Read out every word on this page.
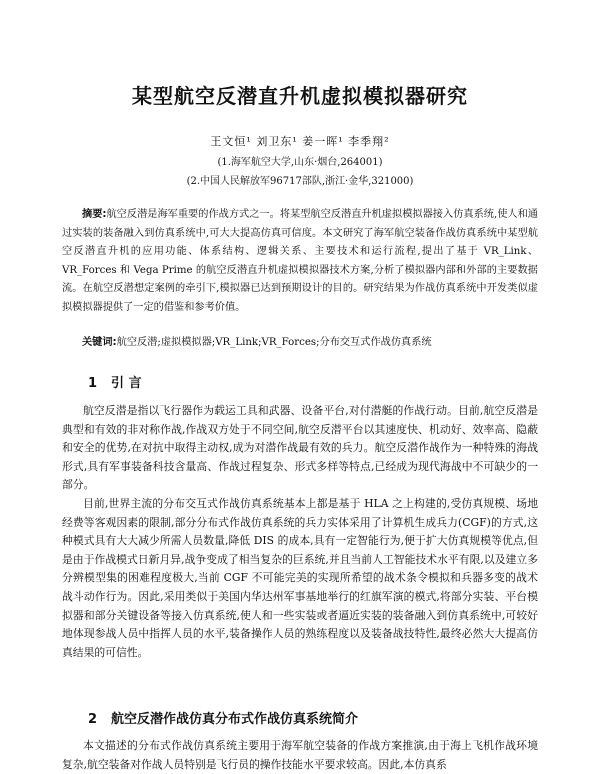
某型航空反潜直升机虚拟模拟器研究
王文恒¹ 刘卫东¹ 姜一晖¹ 李季翔²
(1.海军航空大学,山东·烟台,264001)
(2.中国人民解放军96717部队,浙江·金华,321000)
摘要:航空反潜是海军重要的作战方式之一。将某型航空反潜直升机虚拟模拟器接入仿真系统,使人和通过实装的装备融入到仿真系统中,可大大提高仿真可信度。本文研究了海军航空装备作战仿真系统中某型航空反潜直升机的应用功能、体系结构、逻辑关系、主要技术和运行流程,提出了基于 VR_Link、VR_Forces 和 Vega Prime 的航空反潜直升机虚拟模拟器技术方案,分析了模拟器内部和外部的主要数据流。在航空反潜想定案例的牵引下,模拟器已达到预期设计的目的。研究结果为作战仿真系统中开发类似虚拟模拟器提供了一定的借鉴和参考价值。
关键词:航空反潜;虚拟模拟器;VR_Link;VR_Forces;分布交互式作战仿真系统
1 引 言

航空反潜是指以飞行器作为载运工具和武器、设备平台,对付潜艇的作战行动。目前,航空反潜是典型和有效的非对称作战,作战双方处于不同空间,航空反潜平台以其速度快、机动好、效率高、隐蔽和安全的优势,在对抗中取得主动权,成为对潜作战最有效的兵力。航空反潜作战作为一种特殊的海战形式,具有军事装备科技含量高、作战过程复杂、形式多样等特点,已经成为现代海战中不可缺少的一部分。

目前,世界主流的分布交互式作战仿真系统基本上都是基于 HLA 之上构建的,受仿真规模、场地经费等客观因素的限制,部分分布式作战仿真系统的兵力实体采用了计算机生成兵力(CGF)的方式,这种模式具有大大减少所需人员数量,降低 DIS 的成本,具有一定智能行为,便于扩大仿真规模等优点,但是由于作战模式日新月异,战争变成了相当复杂的巨系统,并且当前人工智能技术水平有限,以及建立多分辨模型集的困难程度极大,当前 CGF 不可能完美的实现所希望的战术条令模拟和兵器多变的战术战斗动作行为。因此,采用类似于美国内华达州军事基地举行的红旗军演的模式,将部分实装、平台模拟器和部分关键设备等接入仿真系统,使人和一些实装或者逼近实装的装备融入到仿真系统中,可较好地体现参战人员中指挥人员的水平,装备操作人员的熟练程度以及装备战技特性,最终必然大大提高仿真结果的可信性。

2 航空反潜作战仿真分布式作战仿真系统简介

本文描述的分布式作战仿真系统主要用于海军航空装备的作战方案推演,由于海上飞机作战环境复杂,航空装备对作战人员特别是飞行员的操作技能水平要求较高。因此,本仿真系
